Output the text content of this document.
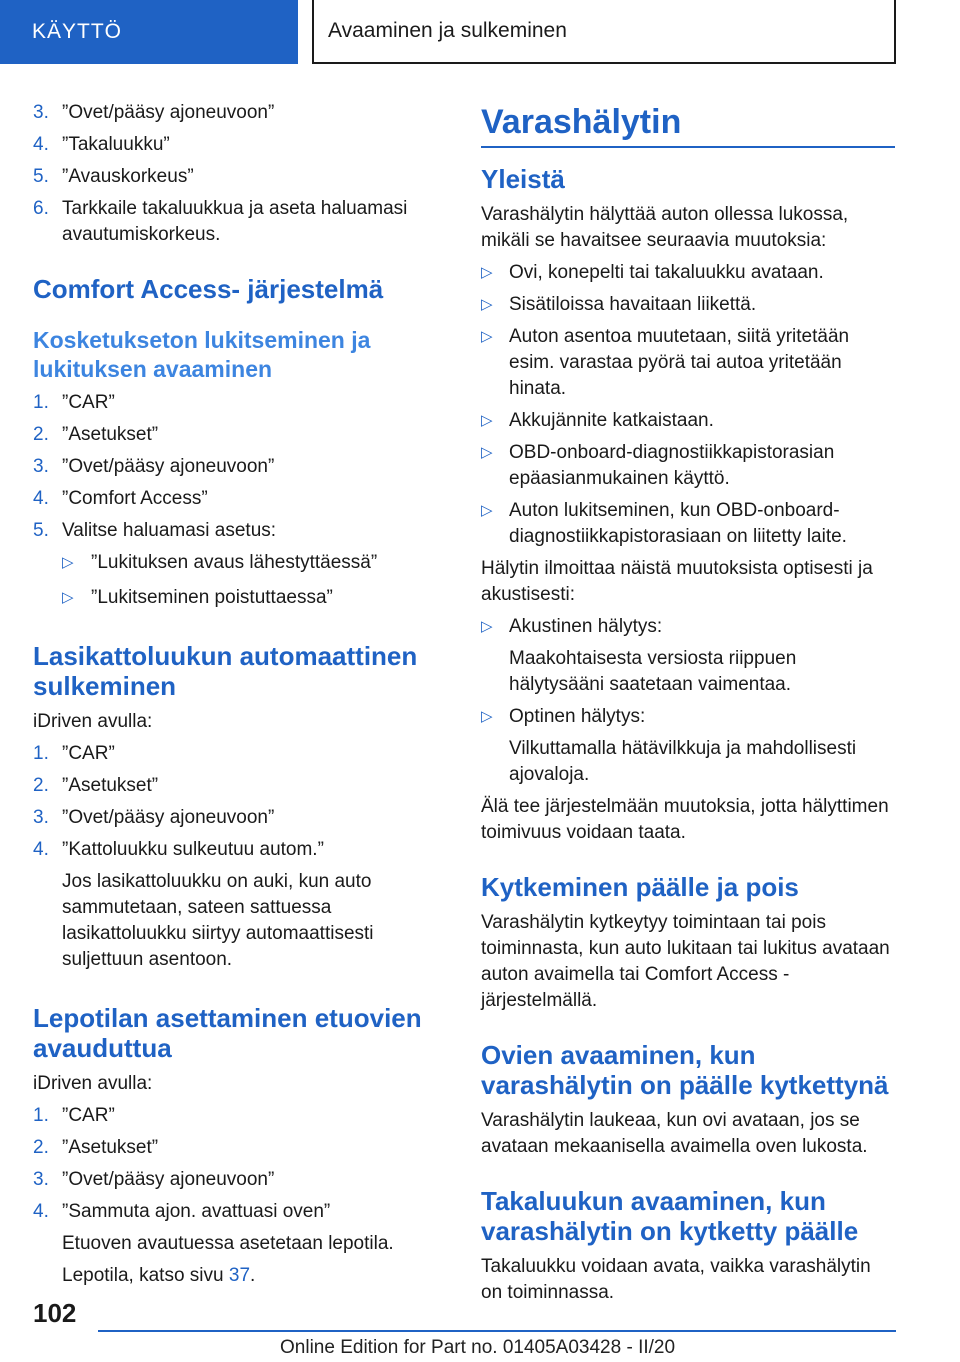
KÄYTTÖ	Avaaminen ja sulkeminen
3. ”Ovet/pääsy ajoneuvoon”
4. ”Takaluukku”
5. ”Avauskorkeus”
6. Tarkkaile takaluukkua ja aseta haluamasi avautumiskorkeus.
Comfort Access- järjestelmä
Kosketukseton lukitseminen ja lukituksen avaaminen
1. ”CAR”
2. ”Asetukset”
3. ”Ovet/pääsy ajoneuvoon”
4. ”Comfort Access”
5. Valitse haluamasi asetus:
▷ ”Lukituksen avaus lähestyttäessä”
▷ ”Lukitseminen poistuttaessa”
Lasikattoluukun automaattinen sulkeminen
iDriven avulla:
1. ”CAR”
2. ”Asetukset”
3. ”Ovet/pääsy ajoneuvoon”
4. ”Kattoluukku sulkeutuu autom.”
Jos lasikattoluukku on auki, kun auto sammutetaan, sateen sattuessa lasikattoluukku siirtyy automaattisesti suljettuun asentoon.
Lepotilan asettaminen etuovien avauduttua
iDriven avulla:
1. ”CAR”
2. ”Asetukset”
3. ”Ovet/pääsy ajoneuvoon”
4. ”Sammuta ajon. avattuasi oven”
Etuoven avautuessa asetetaan lepotila.
Lepotila, katso sivu 37.
Varashälytin
Yleistä
Varashälytin hälyttää auton ollessa lukossa, mikäli se havaitsee seuraavia muutoksia:
▷ Ovi, konepelti tai takaluukku avataan.
▷ Sisätiloissa havaitaan liikettä.
▷ Auton asentoa muutetaan, siitä yritetään esim. varastaa pyörä tai autoa yritetään hinata.
▷ Akkujännite katkaistaan.
▷ OBD-onboard-diagnostiikkapistorasian epäasianmukainen käyttö.
▷ Auton lukitseminen, kun OBD-onboard-diagnostiikkapistorasiaan on liitetty laite.
Hälytin ilmoittaa näistä muutoksista optisesti ja akustisesti:
▷ Akustinen hälytys:
Maakohtaisesta versiosta riippuen hälytysääni saatetaan vaimentaa.
▷ Optinen hälytys:
Vilkuttamalla hätävilkkuja ja mahdollisesti ajovaloja.
Älä tee järjestelmään muutoksia, jotta hälyttimen toimivuus voidaan taata.
Kytkeminen päälle ja pois
Varashälytin kytkeytyy toimintaan tai pois toiminnasta, kun auto lukitaan tai lukitus avataan auton avaimella tai Comfort Access -järjestelmällä.
Ovien avaaminen, kun varashälytin on päälle kytkettynä
Varashälytin laukeaa, kun ovi avataan, jos se avataan mekaanisella avaimella oven lukosta.
Takaluukun avaaminen, kun varashälytin on kytketty päälle
Takaluukku voidaan avata, vaikka varashälytin on toiminnassa.
102
Online Edition for Part no. 01405A03428 - II/20
